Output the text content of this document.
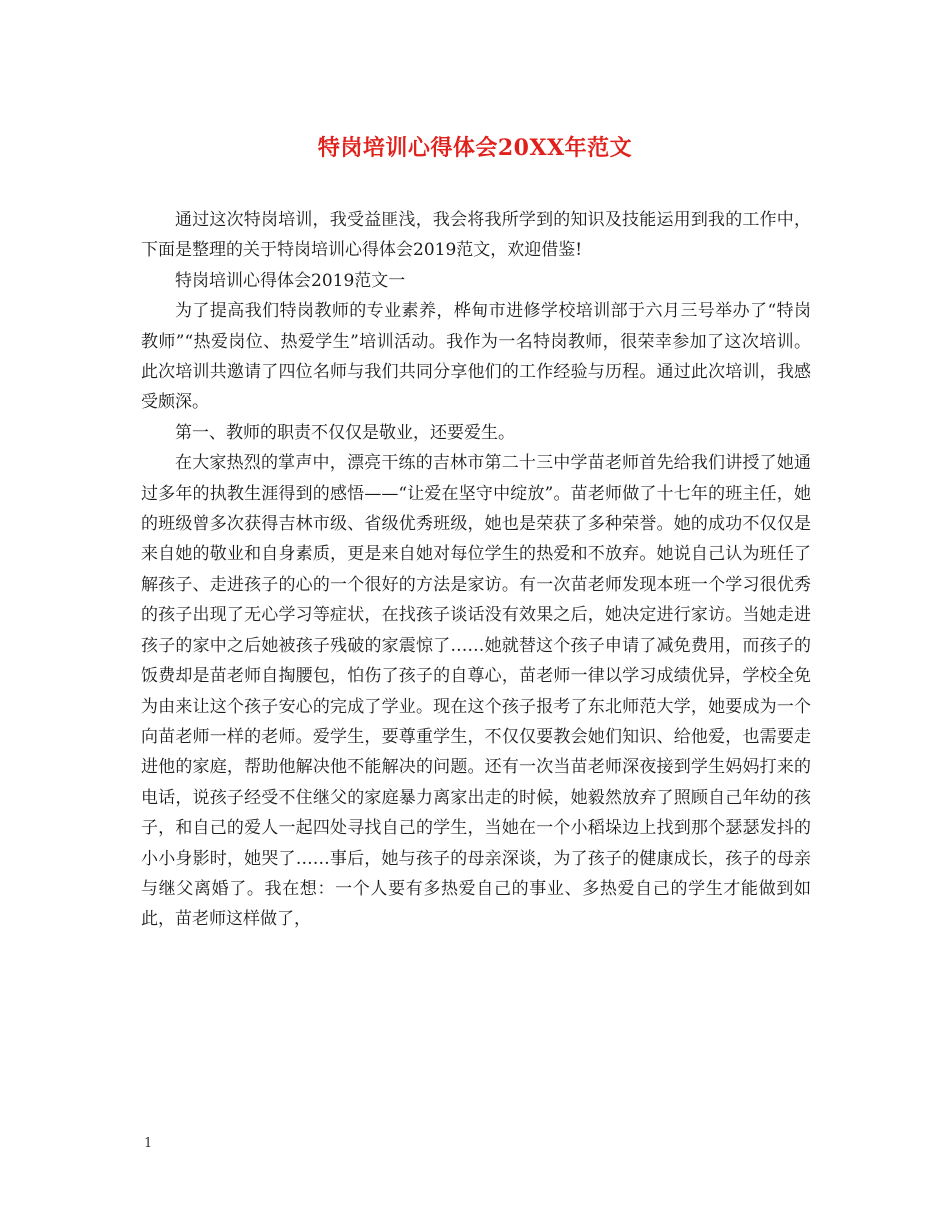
特岗培训心得体会20XX年范文

通过这次特岗培训，我受益匪浅，我会将我所学到的知识及技能运用到我的工作中，下面是整理的关于特岗培训心得体会2019范文，欢迎借鉴!

特岗培训心得体会2019范文一

为了提高我们特岗教师的专业素养，桦甸市进修学校培训部于六月三号举办了“特岗教师”“热爱岗位、热爱学生”培训活动。我作为一名特岗教师，很荣幸参加了这次培训。此次培训共邀请了四位名师与我们共同分享他们的工作经验与历程。通过此次培训，我感受颇深。

第一、教师的职责不仅仅是敬业，还要爱生。

在大家热烈的掌声中，漂亮干练的吉林市第二十三中学苗老师首先给我们讲授了她通过多年的执教生涯得到的感悟——“让爱在坚守中绽放”。苗老师做了十七年的班主任，她的班级曾多次获得吉林市级、省级优秀班级，她也是荣获了多种荣誉。她的成功不仅仅是来自她的敬业和自身素质，更是来自她对每位学生的热爱和不放弃。她说自己认为班任了解孩子、走进孩子的心的一个很好的方法是家访。有一次苗老师发现本班一个学习很优秀的孩子出现了无心学习等症状，在找孩子谈话没有效果之后，她决定进行家访。当她走进孩子的家中之后她被孩子残破的家震惊了……她就替这个孩子申请了减免费用，而孩子的饭费却是苗老师自掏腰包，怕伤了孩子的自尊心，苗老师一律以学习成绩优异，学校全免为由来让这个孩子安心的完成了学业。现在这个孩子报考了东北师范大学，她要成为一个向苗老师一样的老师。爱学生，要尊重学生，不仅仅要教会她们知识、给他爱，也需要走进他的家庭，帮助他解决他不能解决的问题。还有一次当苗老师深夜接到学生妈妈打来的电话，说孩子经受不住继父的家庭暴力离家出走的时候，她毅然放弃了照顾自己年幼的孩子，和自己的爱人一起四处寻找自己的学生，当她在一个小稻垛边上找到那个瑟瑟发抖的小小身影时，她哭了……事后，她与孩子的母亲深谈，为了孩子的健康成长，孩子的母亲与继父离婚了。我在想：一个人要有多热爱自己的事业、多热爱自己的学生才能做到如此，苗老师这样做了，

1
